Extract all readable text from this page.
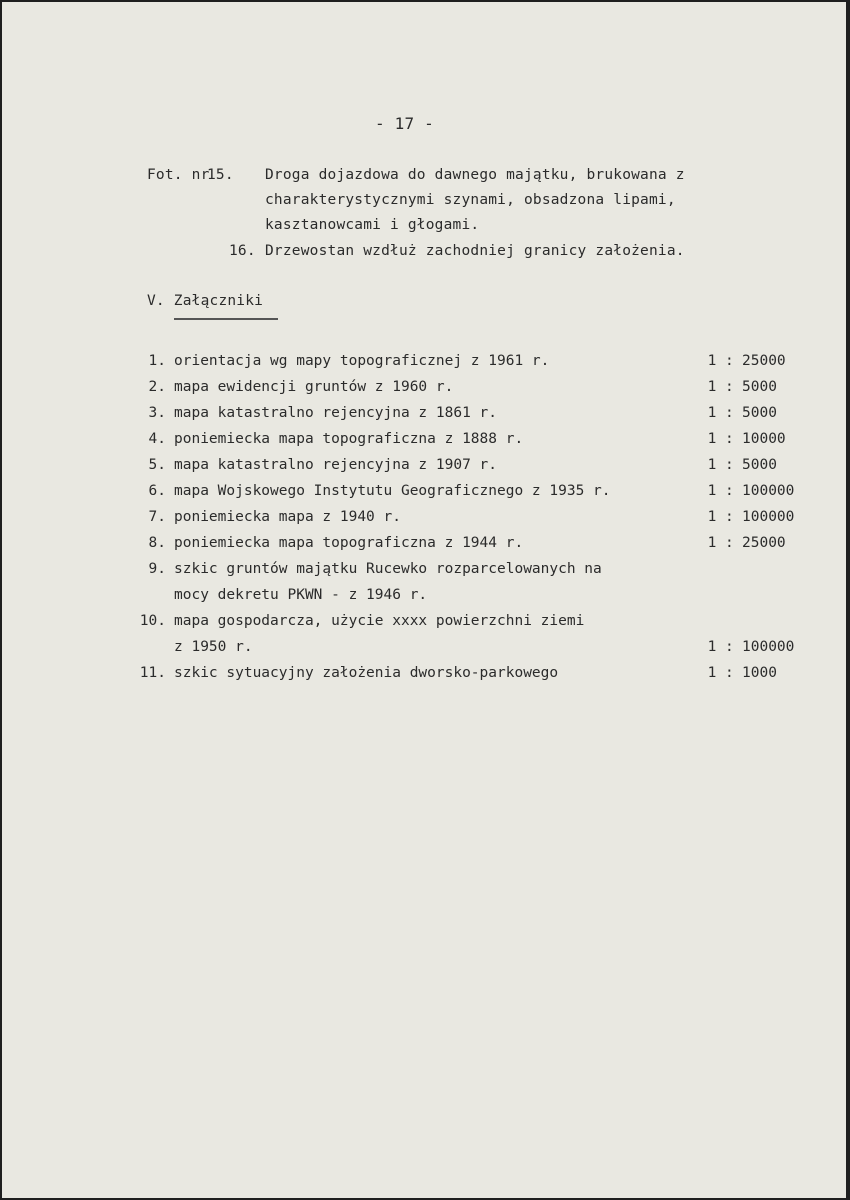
- 17 -
Fot. nr
15. Droga dojazdowa do dawnego majątku, brukowana z
charakterystycznymi szynami, obsadzona lipami,
kasztanowcami i głogami.
16. Drzewostan wzdłuż zachodniej granicy założenia.
V. Załączniki
1. orientacja wg mapy topograficznej z 1961 r.	1 : 25000
2. mapa ewidencji gruntów z 1960 r.	1 : 5000
3. mapa katastralno rejencyjna z 1861 r.	1 : 5000
4. poniemiecka mapa topograficzna z 1888 r.	1 : 10000
5. mapa katastralno rejencyjna z 1907 r.	1 : 5000
6. mapa Wojskowego Instytutu Geograficznego z 1935 r.	1 : 100000
7. poniemiecka mapa z 1940 r.	1 : 100000
8. poniemiecka mapa topograficzna z 1944 r.	1 : 25000
9. szkic gruntów majątku Rucewko rozparcelowanych na
mocy dekretu PKWN - z 1946 r.
10. mapa gospodarcza, użycie xxxx powierzchni ziemi
z 1950 r.	1 : 100000
11. szkic sytuacyjny założenia dworsko-parkowego	1 : 1000
